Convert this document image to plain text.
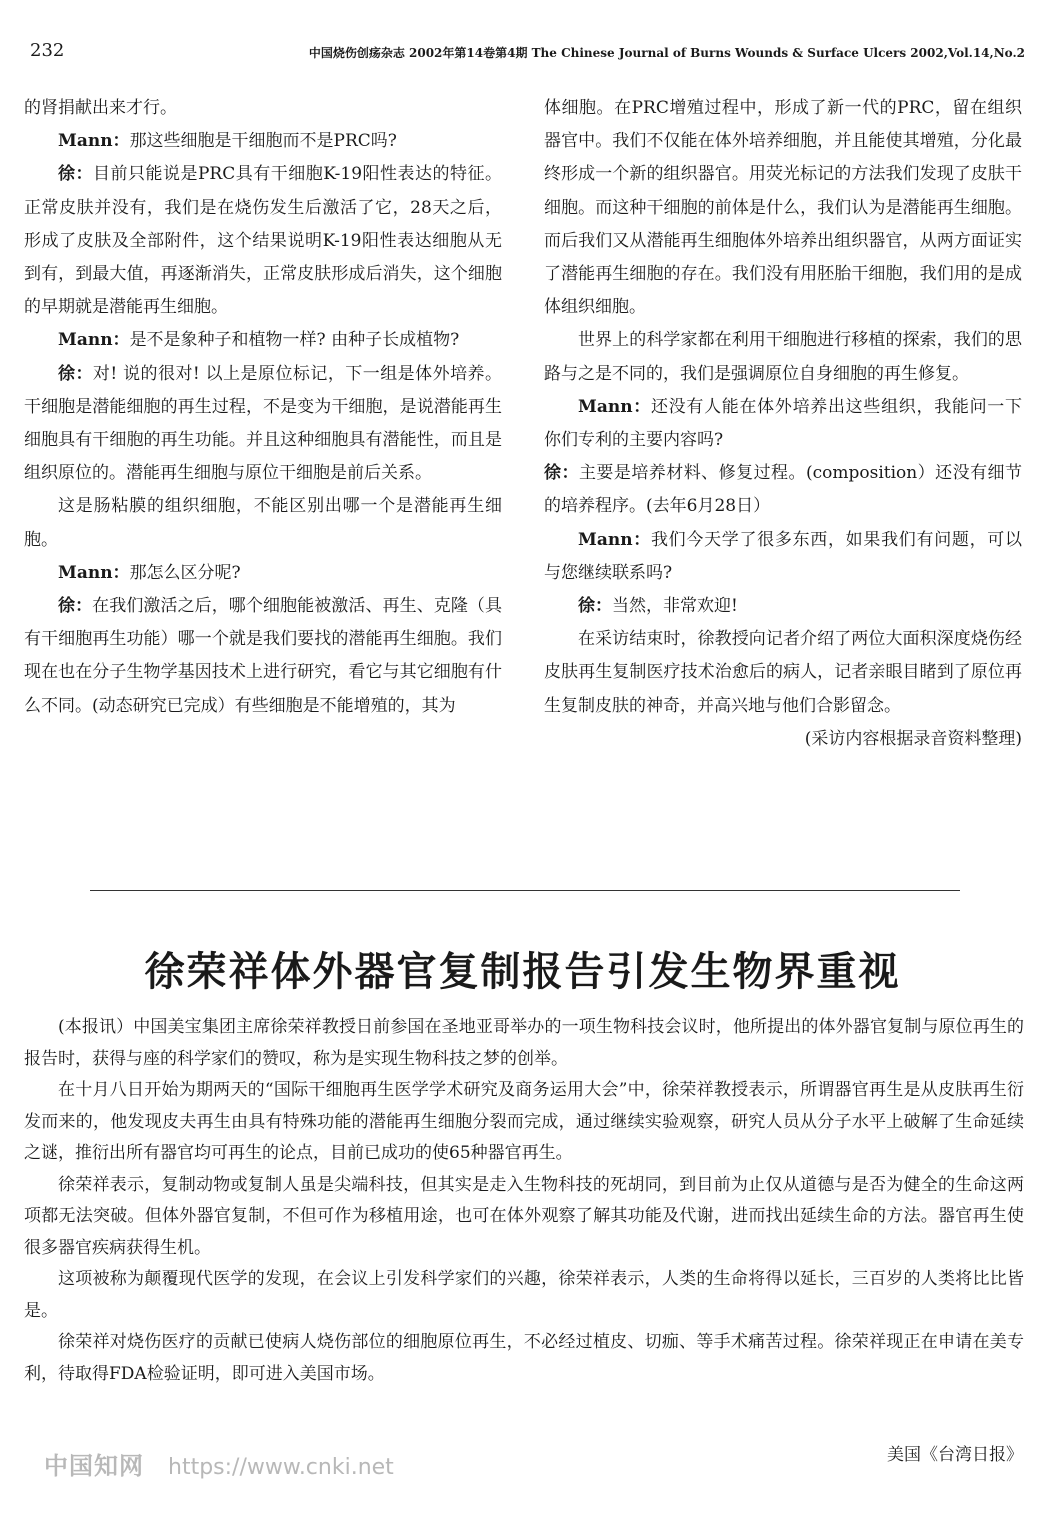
232	中国烧伤创疡杂志 2002年第14卷第4期 The Chinese Journal of Burns Wounds & Surface Ulcers 2002,Vol.14,No.2

的肾捐献出来才行。

Mann：那这些细胞是干细胞而不是PRC吗?

徐：目前只能说是PRC具有干细胞K-19阳性表达的特征。正常皮肤并没有，我们是在烧伤发生后激活了它，28天之后，形成了皮肤及全部附件，这个结果说明K-19阳性表达细胞从无到有，到最大值，再逐渐消失，正常皮肤形成后消失，这个细胞的早期就是潜能再生细胞。

Mann：是不是象种子和植物一样? 由种子长成植物?

徐：对! 说的很对! 以上是原位标记，下一组是体外培养。干细胞是潜能细胞的再生过程，不是变为干细胞，是说潜能再生细胞具有干细胞的再生功能。并且这种细胞具有潜能性，而且是组织原位的。潜能再生细胞与原位干细胞是前后关系。

这是肠粘膜的组织细胞，不能区别出哪一个是潜能再生细胞。

Mann：那怎么区分呢?

徐：在我们激活之后，哪个细胞能被激活、再生、克隆（具有干细胞再生功能）哪一个就是我们要找的潜能再生细胞。我们现在也在分子生物学基因技术上进行研究，看它与其它细胞有什么不同。(动态研究已完成）有些细胞是不能增殖的，其为

体细胞。在PRC增殖过程中，形成了新一代的PRC，留在组织器官中。我们不仅能在体外培养细胞，并且能使其增殖，分化最终形成一个新的组织器官。用荧光标记的方法我们发现了皮肤干细胞。而这种干细胞的前体是什么，我们认为是潜能再生细胞。而后我们又从潜能再生细胞体外培养出组织器官，从两方面证实了潜能再生细胞的存在。我们没有用胚胎干细胞，我们用的是成体组织细胞。

世界上的科学家都在利用干细胞进行移植的探索，我们的思路与之是不同的，我们是强调原位自身细胞的再生修复。

Mann：还没有人能在体外培养出这些组织，我能问一下你们专利的主要内容吗?

徐：主要是培养材料、修复过程。(composition）还没有细节的培养程序。(去年6月28日）

Mann：我们今天学了很多东西，如果我们有问题，可以与您继续联系吗?

徐：当然，非常欢迎!

在采访结束时，徐教授向记者介绍了两位大面积深度烧伤经皮肤再生复制医疗技术治愈后的病人，记者亲眼目睹到了原位再生复制皮肤的神奇，并高兴地与他们合影留念。

(采访内容根据录音资料整理)

徐荣祥体外器官复制报告引发生物界重视

(本报讯）中国美宝集团主席徐荣祥教授日前参国在圣地亚哥举办的一项生物科技会议时，他所提出的体外器官复制与原位再生的报告时，获得与座的科学家们的赞叹，称为是实现生物科技之梦的创举。

在十月八日开始为期两天的“国际干细胞再生医学学术研究及商务运用大会”中，徐荣祥教授表示，所谓器官再生是从皮肤再生衍发而来的，他发现皮夫再生由具有特殊功能的潜能再生细胞分裂而完成，通过继续实验观察，研究人员从分子水平上破解了生命延续之谜，推衍出所有器官均可再生的论点，目前已成功的使65种器官再生。

徐荣祥表示，复制动物或复制人虽是尖端科技，但其实是走入生物科技的死胡同，到目前为止仅从道德与是否为健全的生命这两项都无法突破。但体外器官复制，不但可作为移植用途，也可在体外观察了解其功能及代谢，进而找出延续生命的方法。器官再生使很多器官疾病获得生机。

这项被称为颠覆现代医学的发现，在会议上引发科学家们的兴趣，徐荣祥表示，人类的生命将得以延长，三百岁的人类将比比皆是。

徐荣祥对烧伤医疗的贡献已使病人烧伤部位的细胞原位再生，不必经过植皮、切痂、等手术痛苦过程。徐荣祥现正在申请在美专利，待取得FDA检验证明，即可进入美国市场。

美国《台湾日报》
中国知网 https://www.cnki.net
